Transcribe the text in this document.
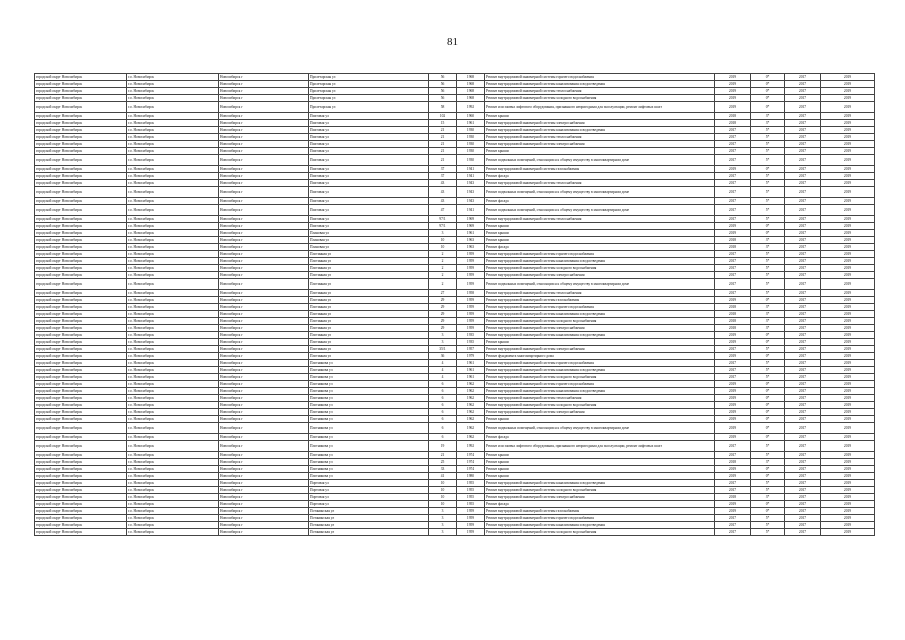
81
городской округ Новосибирск	г.о. Новосибирск	Новосибирск г	Пролетарская ул	56	1968	Ремонт внутридомовой инженерной системы горячего водоснабжения	2019	0*	2017	2019
городской округ Новосибирск	г.о. Новосибирск	Новосибирск г	Пролетарская ул	56	1968	Ремонт внутридомовой инженерной системы канализования и водоотведения	2019	0*	2017	2019
городской округ Новосибирск	г.о. Новосибирск	Новосибирск г	Пролетарская ул	56	1968	Ремонт внутридомовой инженерной системы теплоснабжения	2019	0*	2017	2019
городской округ Новосибирск	г.о. Новосибирск	Новосибирск г	Пролетарская ул	56	1968	Ремонт внутридомовой инженерной системы холодного водоснабжения	2019	0*	2017	2019
городской округ Новосибирск	г.о. Новосибирск	Новосибирск г	Пролетарская ул	58	1992	Ремонт или замена лифтового оборудования, признанного непригодным для эксплуатации, ремонт лифтовых шахт	2019	0*	2017	2019
городской округ Новосибирск	г.о. Новосибирск	Новосибирск г	Пихтовая ул	102	1960	Ремонт крыши	2018	3*	2017	2019
городской округ Новосибирск	г.о. Новосибирск	Новосибирск г	Пихтовая ул	15	1961	Ремонт внутридомовой инженерной системы электроснабжения	2018	3*	2017	2019
городской округ Новосибирск	г.о. Новосибирск	Новосибирск г	Пихтовая ул	21	1930	Ремонт внутридомовой инженерной системы канализования и водоотведения	2017	5*	2017	2019
городской округ Новосибирск	г.о. Новосибирск	Новосибирск г	Пихтовая ул	21	1930	Ремонт внутридомовой инженерной системы теплоснабжения	2017	5*	2017	2019
городской округ Новосибирск	г.о. Новосибирск	Новосибирск г	Пихтовая ул	21	1930	Ремонт внутридомовой инженерной системы электроснабжения	2017	5*	2017	2019
городской округ Новосибирск	г.о. Новосибирск	Новосибирск г	Пихтовая ул	21	1930	Ремонт крыши	2017	5*	2017	2019
городской округ Новосибирск	г.о. Новосибирск	Новосибирск г	Пихтовая ул	21	1930	Ремонт подвальных помещений, относящихся к общему имуществу в многоквартирном доме	2017	5*	2017	2019
городской округ Новосибирск	г.о. Новосибирск	Новосибирск г	Пихтовая ул	37	1941	Ремонт внутридомовой инженерной системы газоснабжения	2019	0*	2017	2019
городской округ Новосибирск	г.о. Новосибирск	Новосибирск г	Пихтовая ул	37	1941	Ремонт фасада	2017	5*	2017	2019
городской округ Новосибирск	г.о. Новосибирск	Новосибирск г	Пихтовая ул	43	1943	Ремонт внутридомовой инженерной системы теплоснабжения	2017	5*	2017	2019
городской округ Новосибирск	г.о. Новосибирск	Новосибирск г	Пихтовая ул	43	1943	Ремонт подвальных помещений, относящихся к общему имуществу в многоквартирном доме	2017	5*	2017	2019
городской округ Новосибирск	г.о. Новосибирск	Новосибирск г	Пихтовая ул	43	1943	Ремонт фасада	2017	5*	2017	2019
городской округ Новосибирск	г.о. Новосибирск	Новосибирск г	Пихтовая ул	47	1941	Ремонт подвальных помещений, относящихся к общему имуществу в многоквартирном доме	2017	5*	2017	2019
городской округ Новосибирск	г.о. Новосибирск	Новосибирск г	Пихтовая ул	97/1	1969	Ремонт внутридомовой инженерной системы теплоснабжения	2017	5*	2017	2019
городской округ Новосибирск	г.о. Новосибирск	Новосибирск г	Пихтовая ул	97/1	1969	Ремонт крыши	2019	0*	2017	2019
городской округ Новосибирск	г.о. Новосибирск	Новосибирск г	Плановая ул	3	1961	Ремонт крыши	2019	0*	2017	2019
городской округ Новосибирск	г.о. Новосибирск	Новосибирск г	Плановая ул	10	1963	Ремонт крыши	2018	3*	2017	2019
городской округ Новосибирск	г.о. Новосибирск	Новосибирск г	Плановая ул	10	1963	Ремонт фасада	2018	3*	2017	2019
городской округ Новосибирск	г.о. Новосибирск	Новосибирск г	Плотинная ул	2	1959	Ремонт внутридомовой инженерной системы горячего водоснабжения	2017	5*	2017	2019
городской округ Новосибирск	г.о. Новосибирск	Новосибирск г	Плотинная ул	2	1959	Ремонт внутридомовой инженерной системы канализования и водоотведения	2017	5*	2017	2019
городской округ Новосибирск	г.о. Новосибирск	Новосибирск г	Плотинная ул	2	1959	Ремонт внутридомовой инженерной системы холодного водоснабжения	2017	5*	2017	2019
городской округ Новосибирск	г.о. Новосибирск	Новосибирск г	Плотинная ул	2	1959	Ремонт внутридомовой инженерной системы электроснабжения	2017	5*	2017	2019
городской округ Новосибирск	г.о. Новосибирск	Новосибирск г	Плотинная ул	2	1959	Ремонт подвальных помещений, относящихся к общему имуществу в многоквартирном доме	2017	5*	2017	2019
городской округ Новосибирск	г.о. Новосибирск	Новосибирск г	Плотинная ул	27	1958	Ремонт внутридомовой инженерной системы теплоснабжения	2017	5*	2017	2019
городской округ Новосибирск	г.о. Новосибирск	Новосибирск г	Плотинная ул	29	1959	Ремонт внутридомовой инженерной системы газоснабжения	2019	0*	2017	2019
городской округ Новосибирск	г.о. Новосибирск	Новосибирск г	Плотинная ул	29	1959	Ремонт внутридомовой инженерной системы горячего водоснабжения	2018	3*	2017	2019
городской округ Новосибирск	г.о. Новосибирск	Новосибирск г	Плотинная ул	29	1959	Ремонт внутридомовой инженерной системы канализования и водоотведения	2018	3*	2017	2019
городской округ Новосибирск	г.о. Новосибирск	Новосибирск г	Плотинная ул	29	1959	Ремонт внутридомовой инженерной системы холодного водоснабжения	2018	3*	2017	2019
городской округ Новосибирск	г.о. Новосибирск	Новосибирск г	Плотинная ул	29	1959	Ремонт внутридомовой инженерной системы электроснабжения	2018	3*	2017	2019
городской округ Новосибирск	г.о. Новосибирск	Новосибирск г	Плотинная ул	3	1935	Ремонт внутридомовой инженерной системы канализования и водоотведения	2019	0*	2017	2019
городской округ Новосибирск	г.о. Новосибирск	Новосибирск г	Плотинная ул	3	1935	Ремонт крыши	2019	0*	2017	2019
городской округ Новосибирск	г.о. Новосибирск	Новосибирск г	Плотинная ул	35/1	1957	Ремонт внутридомовой инженерной системы электроснабжения	2017	5*	2017	2019
городской округ Новосибирск	г.о. Новосибирск	Новосибирск г	Плотинная ул	36	1979	Ремонт фундамента многоквартирного дома	2019	0*	2017	2019
городской округ Новосибирск	г.о. Новосибирск	Новосибирск г	Плотникова ул	4	1961	Ремонт внутридомовой инженерной системы горячего водоснабжения	2017	5*	2017	2019
городской округ Новосибирск	г.о. Новосибирск	Новосибирск г	Плотникова ул	4	1961	Ремонт внутридомовой инженерной системы канализования и водоотведения	2017	5*	2017	2019
городской округ Новосибирск	г.о. Новосибирск	Новосибирск г	Плотникова ул	4	1961	Ремонт внутридомовой инженерной системы холодного водоснабжения	2017	5*	2017	2019
городской округ Новосибирск	г.о. Новосибирск	Новосибирск г	Плотникова ул	6	1962	Ремонт внутридомовой инженерной системы горячего водоснабжения	2019	0*	2017	2019
городской округ Новосибирск	г.о. Новосибирск	Новосибирск г	Плотникова ул	6	1962	Ремонт внутридомовой инженерной системы канализования и водоотведения	2019	0*	2017	2019
городской округ Новосибирск	г.о. Новосибирск	Новосибирск г	Плотникова ул	6	1962	Ремонт внутридомовой инженерной системы теплоснабжения	2019	0*	2017	2019
городской округ Новосибирск	г.о. Новосибирск	Новосибирск г	Плотникова ул	6	1962	Ремонт внутридомовой инженерной системы холодного водоснабжения	2019	0*	2017	2019
городской округ Новосибирск	г.о. Новосибирск	Новосибирск г	Плотникова ул	6	1962	Ремонт внутридомовой инженерной системы электроснабжения	2019	0*	2017	2019
городской округ Новосибирск	г.о. Новосибирск	Новосибирск г	Плотникова ул	6	1962	Ремонт крыши	2019	0*	2017	2019
городской округ Новосибирск	г.о. Новосибирск	Новосибирск г	Плотникова ул	6	1962	Ремонт подвальных помещений, относящихся к общему имуществу в многоквартирном доме	2019	0*	2017	2019
городской округ Новосибирск	г.о. Новосибирск	Новосибирск г	Плотникова ул	6	1962	Ремонт фасада	2019	0*	2017	2019
городской округ Новосибирск	г.о. Новосибирск	Новосибирск г	Плотникова ул	19	1992	Ремонт или замена лифтового оборудования, признанного непригодным для эксплуатации, ремонт лифтовых шахт	2017	5*	2017	2019
городской округ Новосибирск	г.о. Новосибирск	Новосибирск г	Плотникова ул	21	1974	Ремонт крыши	2017	5*	2017	2019
городской округ Новосибирск	г.о. Новосибирск	Новосибирск г	Плотникова ул	25	1974	Ремонт крыши	2018	3*	2017	2019
городской округ Новосибирск	г.о. Новосибирск	Новосибирск г	Плотникова ул	33	1974	Ремонт крыши	2019	0*	2017	2019
городской округ Новосибирск	г.о. Новосибирск	Новосибирск г	Плотникова ул	41	1980	Ремонт крыши	2019	0*	2017	2019
городской округ Новосибирск	г.о. Новосибирск	Новосибирск г	Портовая ул	10	1955	Ремонт внутридомовой инженерной системы канализования и водоотведения	2017	5*	2017	2019
городской округ Новосибирск	г.о. Новосибирск	Новосибирск г	Портовая ул	10	1955	Ремонт внутридомовой инженерной системы холодного водоснабжения	2017	5*	2017	2019
городской округ Новосибирск	г.о. Новосибирск	Новосибирск г	Портовая ул	10	1955	Ремонт внутридомовой инженерной системы электроснабжения	2018	3*	2017	2019
городской округ Новосибирск	г.о. Новосибирск	Новосибирск г	Портовая ул	10	1955	Ремонт фасада	2019	0*	2017	2019
городской округ Новосибирск	г.о. Новосибирск	Новосибирск г	Потанинская ул	3	1959	Ремонт внутридомовой инженерной системы газоснабжения	2019	0*	2017	2019
городской округ Новосибирск	г.о. Новосибирск	Новосибирск г	Потанинская ул	3	1959	Ремонт внутридомовой инженерной системы горячего водоснабжения	2017	5*	2017	2019
городской округ Новосибирск	г.о. Новосибирск	Новосибирск г	Потанинская ул	3	1959	Ремонт внутридомовой инженерной системы канализования и водоотведения	2017	5*	2017	2019
городской округ Новосибирск	г.о. Новосибирск	Новосибирск г	Потанинская ул	3	1959	Ремонт внутридомовой инженерной системы холодного водоснабжения	2017	5*	2017	2019
